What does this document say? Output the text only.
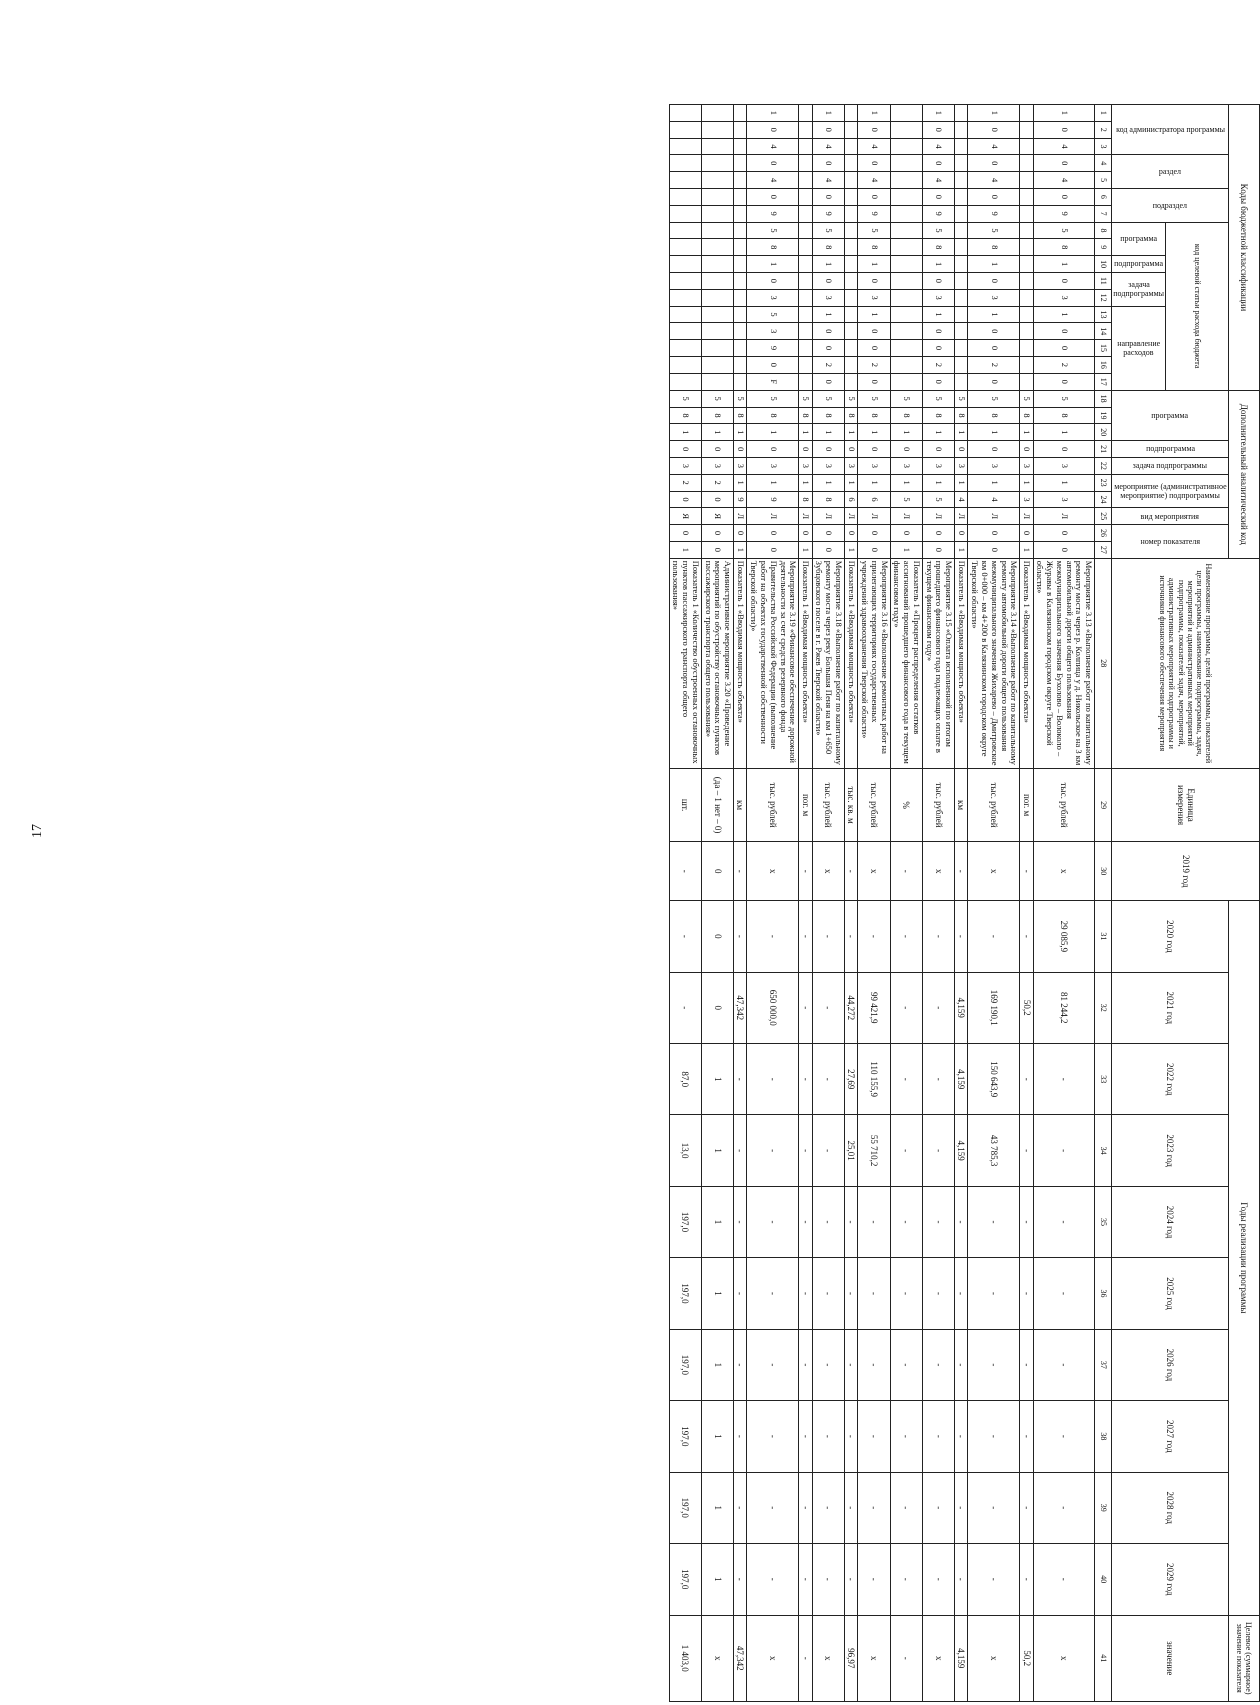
17
Коды бюджетной классификации																	Дополнительный аналитический код										Наименование программы, целей программы, показателей цели программы, наименование подпрограммы, задач, мероприятий и административных мероприятий подпрограммы, показателей задач, мероприятий, административных мероприятий подпрограммы и источников финансового обеспечения мероприятия	Единица измерения	2019 год	Годы реализации программы										Целевое (суммарное) значение показателя

код администратора программы			раздел		подраздел		код целевой статьи расхода бюджета										программа			подпрограмма	задача подпрограммы	мероприятие (административное мероприятие) подпрограммы		вид мероприятия	номер показателя					2020 год	2021 год	2022 год	2023 год	2024 год	2025 год	2026 год	2027 год	2028 год	2029 год	значение

							программа		подпрограмма	задача подпрограммы		направление расходов																												

1	2	3	4	5	6	7	8	9	10	11	12	13	14	15	16	17	18	19	20	21	22	23	24	25	26	27	28	29	30	31	32	33	34	35	36	37	38	39	40	41
1	0	4	0	4	0	9	5	8	1	0	3	1	0	0	2	0	5	8	1	0	3	1	3	Л	0	0	Мероприятие 3.13 «Выполнение работ по капитальному ремонту моста через р. Колпица у д. Никольское на 3 км автомобильной дороги общего пользования межмуниципального значения Бухолово – Волоколо – Журавы в Калязинском городском округе Тверской области»	тыс. рублей	х	29 085,9	81 244,2	-	-	-	-	-	-	-	-	х
																	5	8	1	0	3	1	3	Л	0	1	Показатель 1 «Вводимая мощность объекта»	пог. м	-	-	50,2	-	-	-	-	-	-	-	-	50,2
1	0	4	0	4	0	9	5	8	1	0	3	1	0	0	2	0	5	8	1	0	3	1	4	Л	0	0	Мероприятие 3.14 «Выполнение работ по капитальному ремонту автомобильной дороги общего пользования межмуниципального значения Жихарево – Дмитровское км 0+000 – км 4+200 в Калязинском городском округе Тверской области»	тыс. рублей	х	-	169 190,1	150 643,9	43 785,3	-	-	-	-	-	-	х
																	5	8	1	0	3	1	4	Л	0	1	Показатель 1 «Вводимая мощность объекта»	км	-	-	4,159	4,159	4,159	-	-	-	-	-	-	4,159
1	0	4	0	4	0	9	5	8	1	0	3	1	0	0	2	0	5	8	1	0	3	1	5	Л	0	0	Мероприятие 3.15 «Оплата исполненной по итогам прошедшего финансового года подлежащих оплате в текущем финансовом году»	тыс. рублей	х	-	-	-	-	-	-	-	-	-	-	х
																	5	8	1	0	3	1	5	Л	0	1	Показатель 1 «Процент распределения остатков ассигнований прошедшего финансового года в текущем финансовом году»	%	-	-	-	-	-	-	-	-	-	-	-	-
1	0	4	0	4	0	9	5	8	1	0	3	1	0	0	2	0	5	8	1	0	3	1	6	Л	0	0	Мероприятие 3.16 «Выполнение ремонтных работ на прилегающих территориях государственных учреждений здравоохранения Тверской области»	тыс. рублей	х	-	99 421,9	110 155,9	55 710,2	-	-	-	-	-	-	х
																	5	8	1	0	3	1	6	Л	0	1	Показатель 1 «Вводимая мощность объекта»	тыс. кв. м	-	-	44,272	27,69	25,01	-	-	-	-	-	-	96,97
1	0	4	0	4	0	9	5	8	1	0	3	1	0	0	2	0	5	8	1	0	3	1	8	Л	0	0	Мероприятие 3.18 «Выполнение работ по капитальному ремонту моста через реку Большая Пеня на км 1+650 Зубцовского поселе в г. Ржев Тверской области»	тыс. рублей	х	-	-	-	-	-	-	-	-	-	-	х
																	5	8	1	0	3	1	8	Л	0	1	Показатель 1 «Вводимая мощность объекта»	пог. м	-	-	-	-	-	-	-	-	-	-	-	-
1	0	4	0	4	0	9	5	8	1	0	3	5	3	9	0	F	5	8	1	0	3	1	9	Л	0	0	Мероприятие 3.19 «Финансовое обеспечение дорожной деятельности за счет средств резервного фонда Правительства Российской Федерации (выполнение работ на объектах государственной собственности Тверской области)»	тыс. рублей	х	-	650 000,0	-	-	-	-	-	-	-	-	х
																	5	8	1	0	3	1	9	Л	0	1	Показатель 1 «Вводимая мощность объекта»	км	-	-	47,342	-	-	-	-	-	-	-	-	47,342
																	5	8	1	0	3	2	0	Я	0	0	Административное мероприятие 3.20 «Проведение мероприятий по обустройству остановочных пунктов пассажирского транспорта общего пользования»	(да – 1 нет – 0)	0	0	0	1	1	1	1	1	1	1	1	х
																	5	8	1	0	3	2	0	Я	0	1	Показатель 1 «Количество обустроенных остановочных пунктов пассажирского транспорта общего пользования»	шт.	-	-	-	87,0	13,0	197,0	197,0	197,0	197,0	197,0	197,0	1 403,0
